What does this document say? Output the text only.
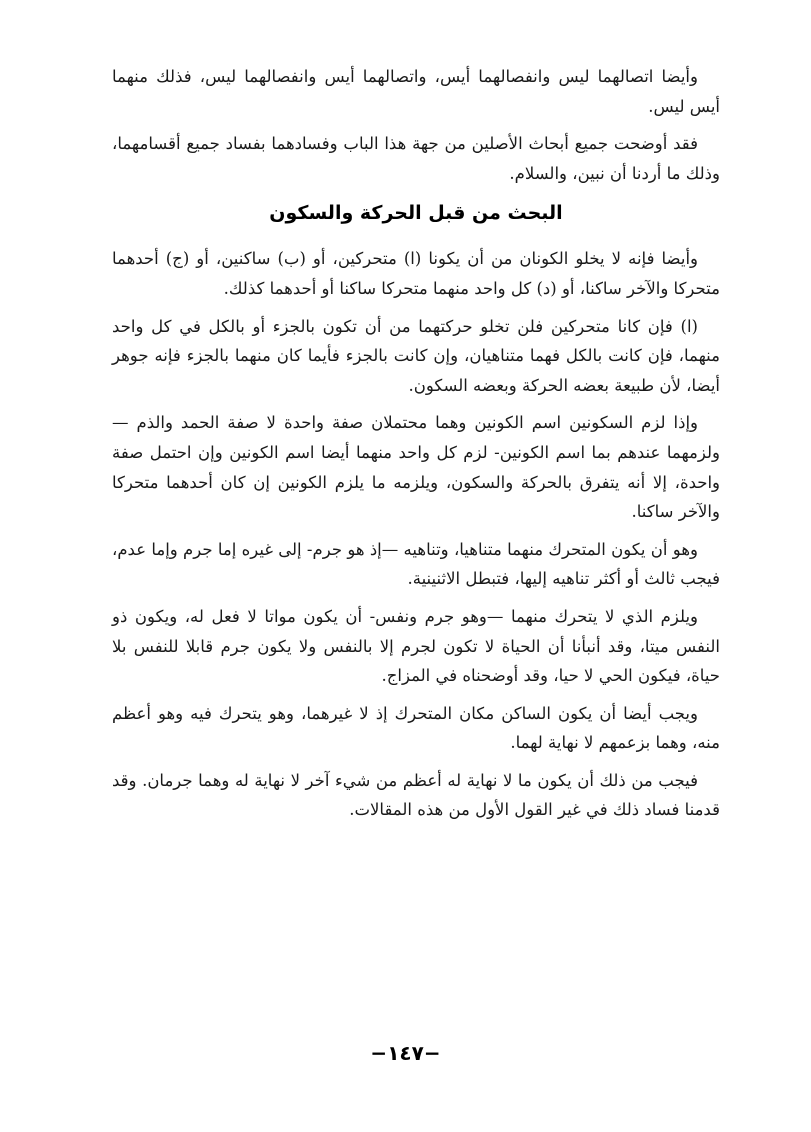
وأيضا اتصالهما ليس وانفصالهما أيس، واتصالهما أيس وانفصالهما ليس، فذلك منهما أيس ليس.

فقد أوضحت جميع أبحاث الأصلين من جهة هذا الباب وفسادهما بفساد جميع أقسامهما، وذلك ما أردنا أن نبين، والسلام.

البحث من قبل الحركة والسكون

وأيضا فإنه لا يخلو الكونان من أن يكونا (ا) متحركين، أو (ب) ساكنين، أو (ج) أحدهما متحركا والآخر ساكنا، أو (د) كل واحد منهما متحركا ساكنا أو أحدهما كذلك.

(ا) فإن كانا متحركين فلن تخلو حركتهما من أن تكون بالجزء أو بالكل في كل واحد منهما، فإن كانت بالكل فهما متناهيان، وإن كانت بالجزء فأيما كان منهما بالجزء فإنه جوهر أيضا، لأن طبيعة بعضه الحركة وبعضه السكون.

وإذا لزم السكونين اسم الكونين وهما محتملان صفة واحدة لا صفة الحمد والذم —ولزمهما عندهم بما اسم الكونين- لزم كل واحد منهما أيضا اسم الكونين وإن احتمل صفة واحدة، إلا أنه يتفرق بالحركة والسكون، ويلزمه ما يلزم الكونين إن كان أحدهما متحركا والآخر ساكنا.

وهو أن يكون المتحرك منهما متناهيا، وتناهيه —إذ هو جرم- إلى غيره إما جرم وإما عدم، فيجب ثالث أو أكثر تناهيه إليها، فتبطل الاثنينية.

ويلزم الذي لا يتحرك منهما —وهو جرم ونفس- أن يكون مواتا لا فعل له، ويكون ذو النفس ميتا، وقد أنبأنا أن الحياة لا تكون لجرم إلا بالنفس ولا يكون جرم قابلا للنفس بلا حياة، فيكون الحي لا حيا، وقد أوضحناه في المزاج.

ويجب أيضا أن يكون الساكن مكان المتحرك إذ لا غيرهما، وهو يتحرك فيه وهو أعظم منه، وهما بزعمهم لا نهاية لهما.

فيجب من ذلك أن يكون ما لا نهاية له أعظم من شيء آخر لا نهاية له وهما جرمان. وقد قدمنا فساد ذلك في غير القول الأول من هذه المقالات.

−١٤٧−
